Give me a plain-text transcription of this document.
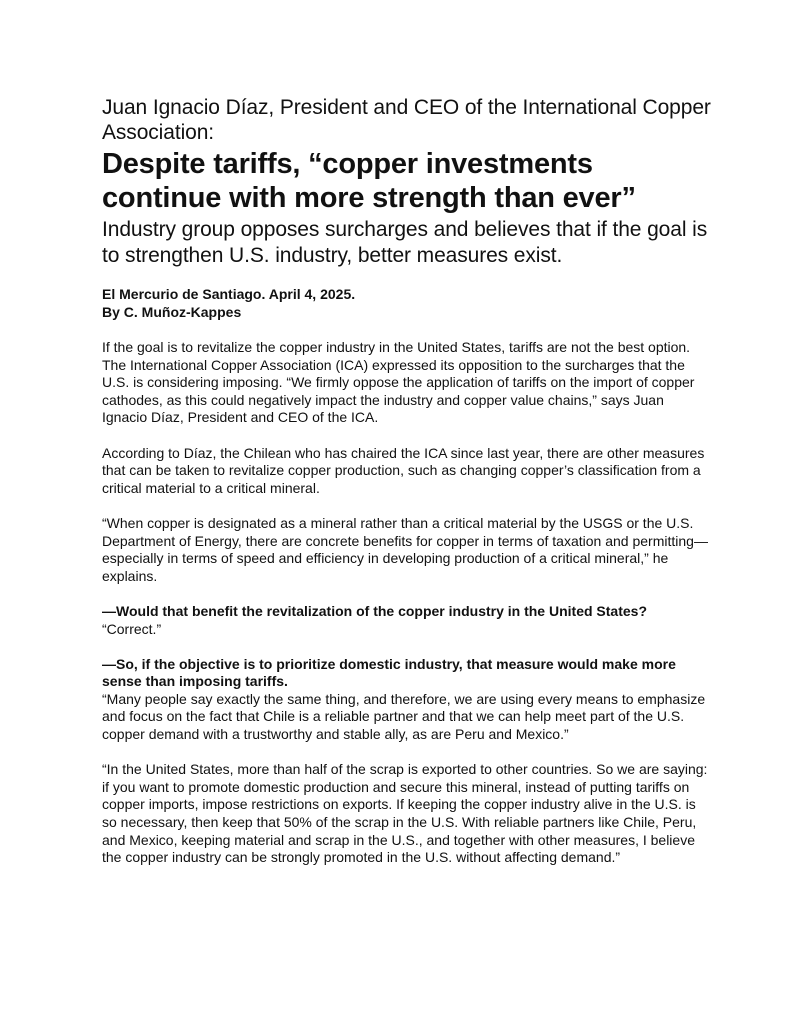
Juan Ignacio Díaz, President and CEO of the International Copper Association:

Despite tariffs, “copper investments continue with more strength than ever”

Industry group opposes surcharges and believes that if the goal is to strengthen U.S. industry, better measures exist.

El Mercurio de Santiago. April 4, 2025.
By C. Muñoz-Kappes

If the goal is to revitalize the copper industry in the United States, tariffs are not the best option. The International Copper Association (ICA) expressed its opposition to the surcharges that the U.S. is considering imposing. “We firmly oppose the application of tariffs on the import of copper cathodes, as this could negatively impact the industry and copper value chains,” says Juan Ignacio Díaz, President and CEO of the ICA.

According to Díaz, the Chilean who has chaired the ICA since last year, there are other measures that can be taken to revitalize copper production, such as changing copper’s classification from a critical material to a critical mineral.

“When copper is designated as a mineral rather than a critical material by the USGS or the U.S. Department of Energy, there are concrete benefits for copper in terms of taxation and permitting—especially in terms of speed and efficiency in developing production of a critical mineral,” he explains.

—Would that benefit the revitalization of the copper industry in the United States?

“Correct.”

—So, if the objective is to prioritize domestic industry, that measure would make more sense than imposing tariffs.

“Many people say exactly the same thing, and therefore, we are using every means to emphasize and focus on the fact that Chile is a reliable partner and that we can help meet part of the U.S. copper demand with a trustworthy and stable ally, as are Peru and Mexico.”

“In the United States, more than half of the scrap is exported to other countries. So we are saying: if you want to promote domestic production and secure this mineral, instead of putting tariffs on copper imports, impose restrictions on exports. If keeping the copper industry alive in the U.S. is so necessary, then keep that 50% of the scrap in the U.S. With reliable partners like Chile, Peru, and Mexico, keeping material and scrap in the U.S., and together with other measures, I believe the copper industry can be strongly promoted in the U.S. without affecting demand.”
